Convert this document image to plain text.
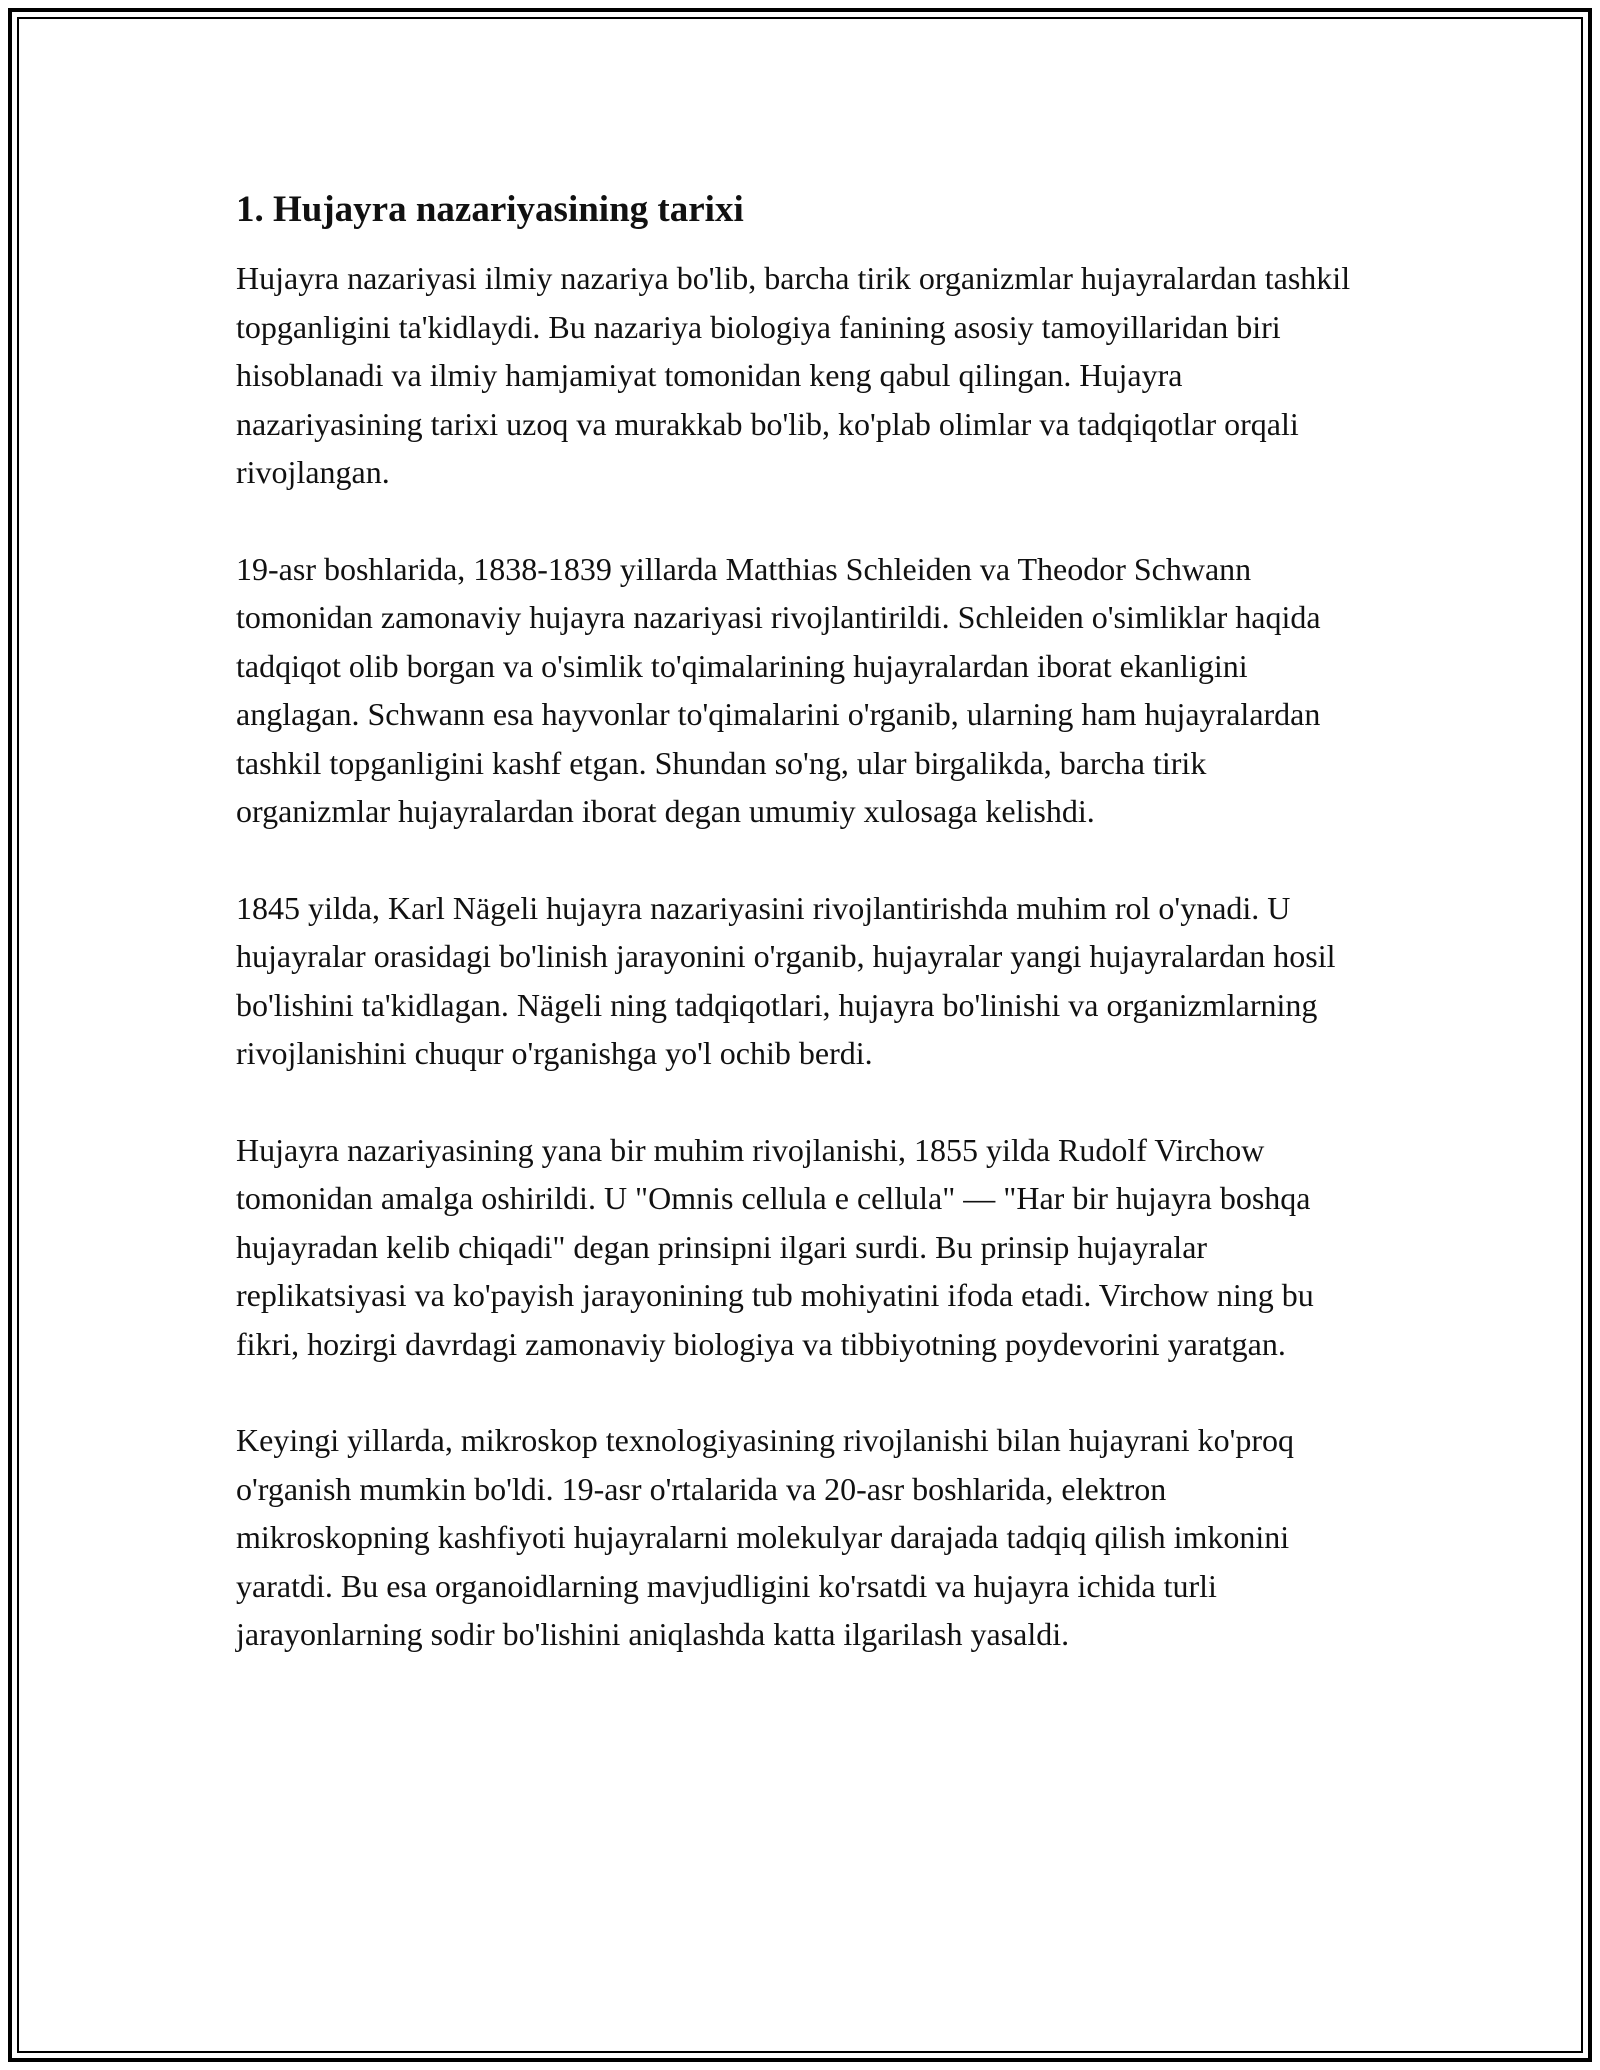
1. Hujayra nazariyasining tarixi

Hujayra nazariyasi ilmiy nazariya bo'lib, barcha tirik organizmlar hujayralardan tashkil topganligini ta'kidlaydi. Bu nazariya biologiya fanining asosiy tamoyillaridan biri hisoblanadi va ilmiy hamjamiyat tomonidan keng qabul qilingan. Hujayra nazariyasining tarixi uzoq va murakkab bo'lib, ko'plab olimlar va tadqiqotlar orqali rivojlangan.

19-asr boshlarida, 1838-1839 yillarda Matthias Schleiden va Theodor Schwann tomonidan zamonaviy hujayra nazariyasi rivojlantirildi. Schleiden o'simliklar haqida tadqiqot olib borgan va o'simlik to'qimalarining hujayralardan iborat ekanligini anglagan. Schwann esa hayvonlar to'qimalarini o'rganib, ularning ham hujayralardan tashkil topganligini kashf etgan. Shundan so'ng, ular birgalikda, barcha tirik organizmlar hujayralardan iborat degan umumiy xulosaga kelishdi.

1845 yilda, Karl Nägeli hujayra nazariyasini rivojlantirishda muhim rol o'ynadi. U hujayralar orasidagi bo'linish jarayonini o'rganib, hujayralar yangi hujayralardan hosil bo'lishini ta'kidlagan. Nägeli ning tadqiqotlari, hujayra bo'linishi va organizmlarning rivojlanishini chuqur o'rganishga yo'l ochib berdi.

Hujayra nazariyasining yana bir muhim rivojlanishi, 1855 yilda Rudolf Virchow tomonidan amalga oshirildi. U "Omnis cellula e cellula" — "Har bir hujayra boshqa hujayradan kelib chiqadi" degan prinsipni ilgari surdi. Bu prinsip hujayralar replikatsiyasi va ko'payish jarayonining tub mohiyatini ifoda etadi. Virchow ning bu fikri, hozirgi davrdagi zamonaviy biologiya va tibbiyotning poydevorini yaratgan.

Keyingi yillarda, mikroskop texnologiyasining rivojlanishi bilan hujayrani ko'proq o'rganish mumkin bo'ldi. 19-asr o'rtalarida va 20-asr boshlarida, elektron mikroskopning kashfiyoti hujayralarni molekulyar darajada tadqiq qilish imkonini yaratdi. Bu esa organoidlarning mavjudligini ko'rsatdi va hujayra ichida turli jarayonlarning sodir bo'lishini aniqlashda katta ilgarilash yasaldi.
